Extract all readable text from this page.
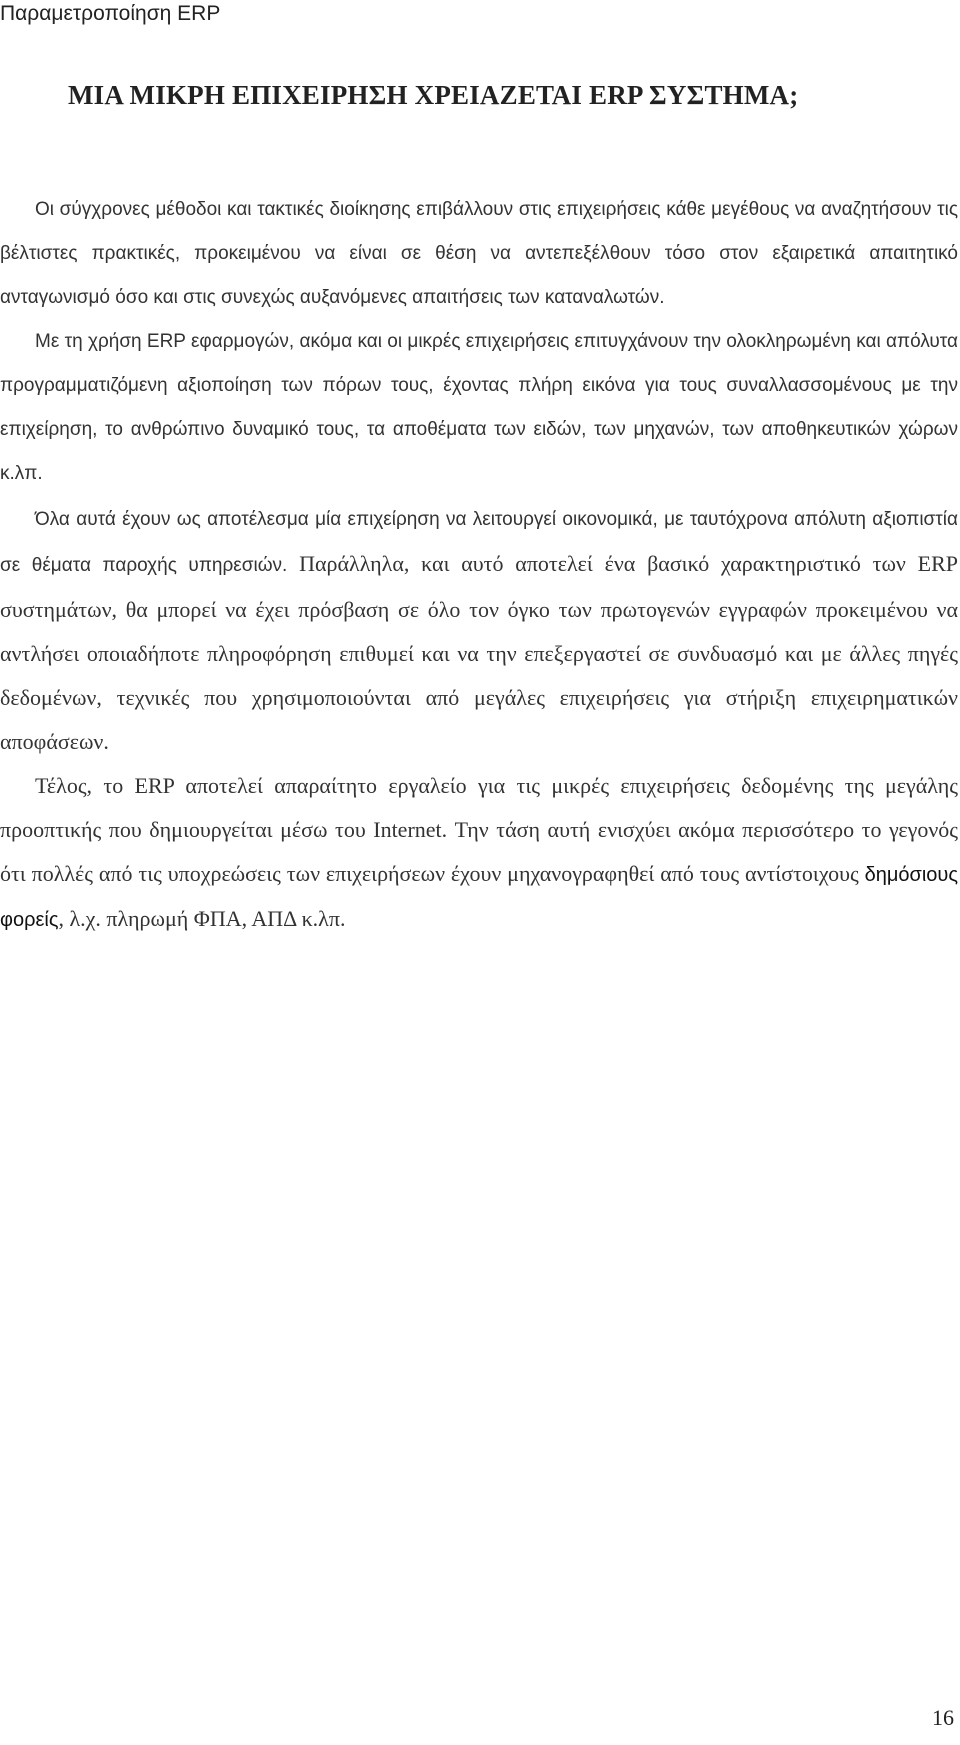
Παραμετροποίηση ERP

ΜΙΑ ΜΙΚΡΗ ΕΠΙΧΕΙΡΗΣΗ ΧΡΕΙΑΖΕΤΑΙ ERP ΣΥΣΤΗΜΑ;

Οι σύγχρονες μέθοδοι και τακτικές διοίκησης επιβάλλουν στις επιχειρήσεις κάθε μεγέθους να αναζητήσουν τις βέλτιστες πρακτικές, προκειμένου να είναι σε θέση να αντεπεξέλθουν τόσο στον εξαιρετικά απαιτητικό ανταγωνισμό όσο και στις συνεχώς αυξανόμενες απαιτήσεις των καταναλωτών.

Με τη χρήση ERP εφαρμογών, ακόμα και οι μικρές επιχειρήσεις επιτυγχάνουν την ολοκληρωμένη και απόλυτα προγραμματιζόμενη αξιοποίηση των πόρων τους, έχοντας πλήρη εικόνα για τους συναλλασσομένους με την επιχείρηση, το ανθρώπινο δυναμικό τους, τα αποθέματα των ειδών, των μηχανών, των αποθηκευτικών χώρων κ.λπ.

Όλα αυτά έχουν ως αποτέλεσμα μία επιχείρηση να λειτουργεί οικονομικά, με ταυτόχρονα απόλυτη αξιοπιστία σε θέματα παροχής υπηρεσιών. Παράλληλα, και αυτό αποτελεί ένα βασικό χαρακτηριστικό των ERP συστημάτων, θα μπορεί να έχει πρόσβαση σε όλο τον όγκο των πρωτογενών εγγραφών προκειμένου να αντλήσει οποιαδήποτε πληροφόρηση επιθυμεί και να την επεξεργαστεί σε συνδυασμό και με άλλες πηγές δεδομένων, τεχνικές που χρησιμοποιούνται από μεγάλες επιχειρήσεις για στήριξη επιχειρηματικών αποφάσεων.

Τέλος, το ERP αποτελεί απαραίτητο εργαλείο για τις μικρές επιχειρήσεις δεδομένης της μεγάλης προοπτικής που δημιουργείται μέσω του Internet. Την τάση αυτή ενισχύει ακόμα περισσότερο το γεγονός ότι πολλές από τις υποχρεώσεις των επιχειρήσεων έχουν μηχανογραφηθεί από τους αντίστοιχους δημόσιους φορείς, λ.χ. πληρωμή ΦΠΑ, ΑΠΔ κ.λπ.

16
